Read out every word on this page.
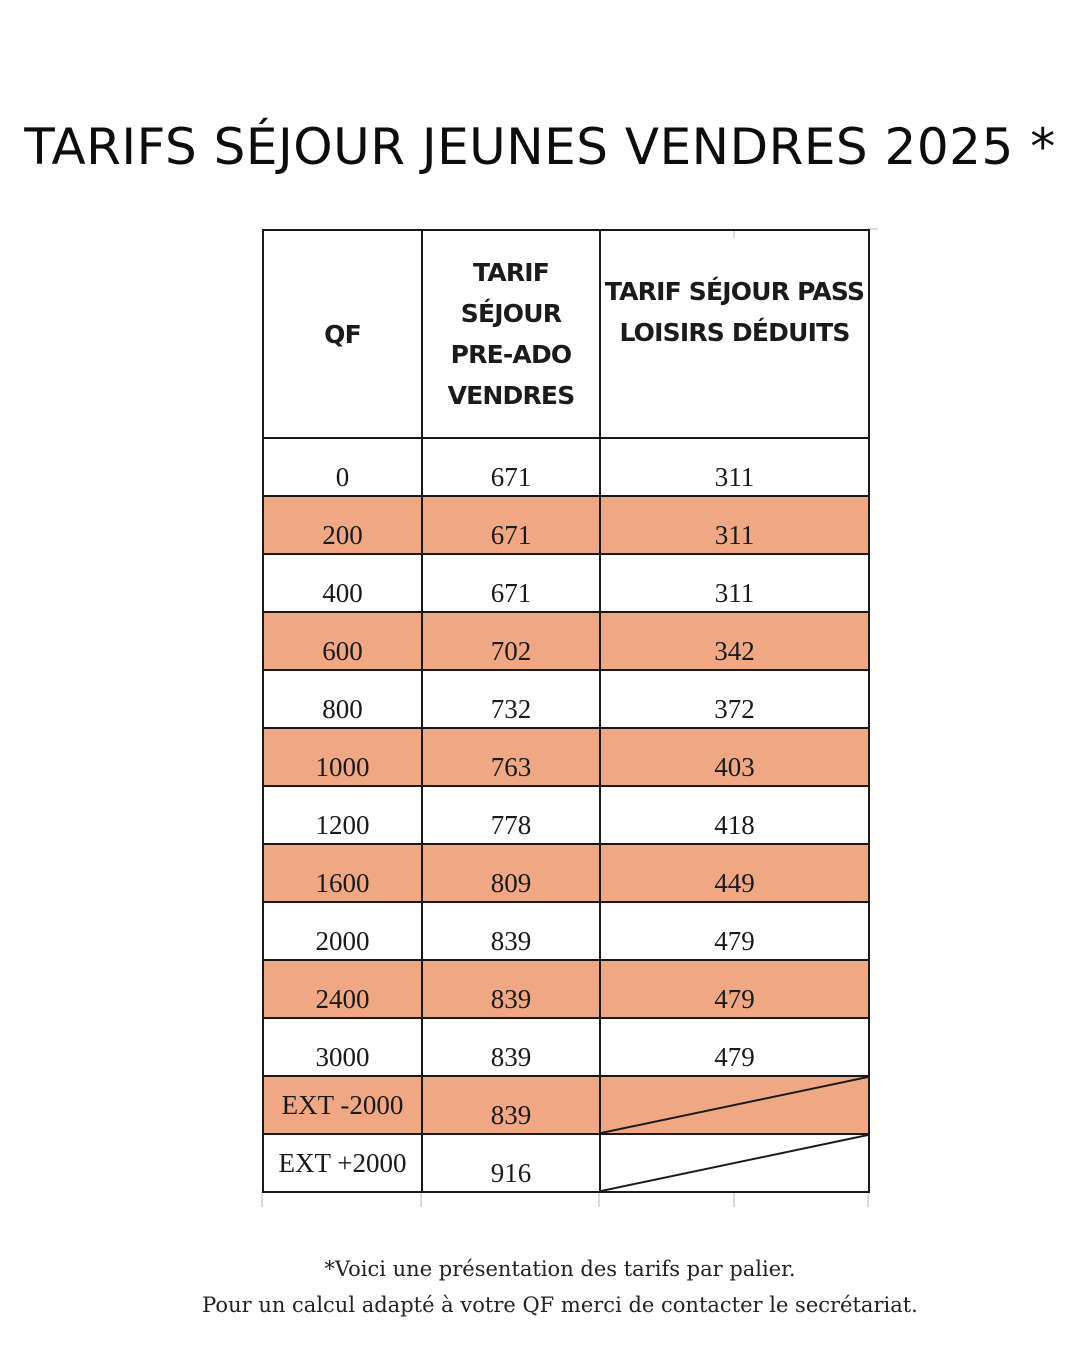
TARIFS SÉJOUR JEUNES VENDRES 2025 *
QF	TARIF
SÉJOUR
PRE-ADO
VENDRES	TARIF SÉJOUR PASS
LOISIRS DÉDUITS

0	671	311
200	671	311
400	671	311
600	702	342
800	732	372
1000	763	403
1200	778	418
1600	809	449
2000	839	479
2400	839	479
3000	839	479
EXT -2000	839	

EXT +2000	916	
*Voici une présentation des tarifs par palier.
Pour un calcul adapté à votre QF merci de contacter le secrétariat.
